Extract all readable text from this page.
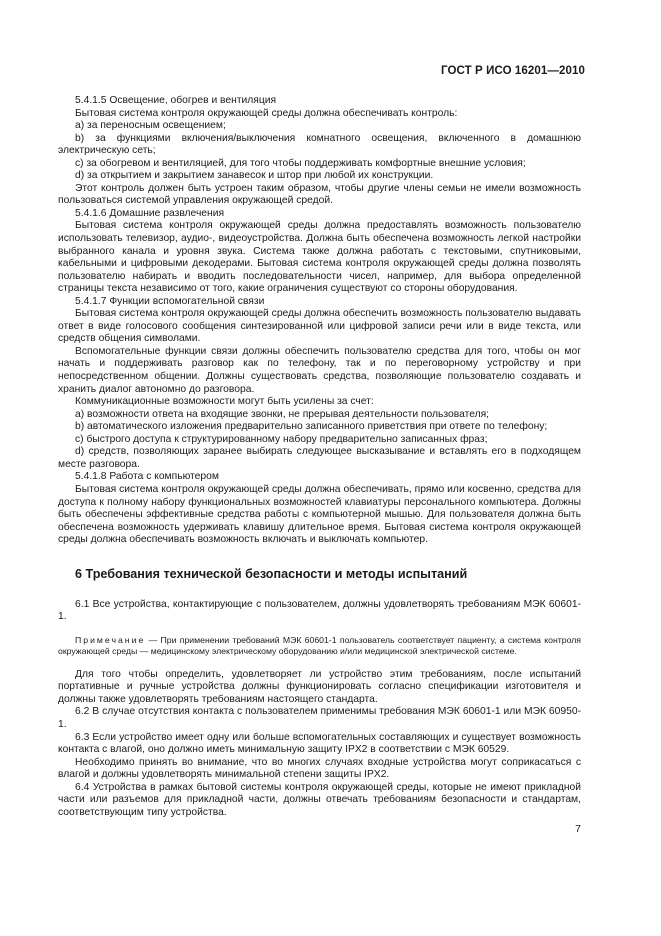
ГОСТ Р ИСО 16201—2010

5.4.1.5 Освещение, обогрев и вентиляция

Бытовая система контроля окружающей среды должна обеспечивать контроль:

a) за переносным освещением;

b) за функциями включения/выключения комнатного освещения, включенного в домашнюю электрическую сеть;

c) за обогревом и вентиляцией, для того чтобы поддерживать комфортные внешние условия;

d) за открытием и закрытием занавесок и штор при любой их конструкции.

Этот контроль должен быть устроен таким образом, чтобы другие члены семьи не имели возможность пользоваться системой управления окружающей средой.

5.4.1.6 Домашние развлечения

Бытовая система контроля окружающей среды должна предоставлять возможность пользователю использовать телевизор, аудио-, видеоустройства. Должна быть обеспечена возможность легкой настройки выбранного канала и уровня звука. Система также должна работать с текстовыми, спутниковыми, кабельными и цифровыми декодерами. Бытовая система контроля окружающей среды должна позволять пользователю набирать и вводить последовательности чисел, например, для выбора определенной страницы текста независимо от того, какие ограничения существуют со стороны оборудования.

5.4.1.7 Функции вспомогательной связи

Бытовая система контроля окружающей среды должна обеспечить возможность пользователю выдавать ответ в виде голосового сообщения синтезированной или цифровой записи речи или в виде текста, или средств общения символами.

Вспомогательные функции связи должны обеспечить пользователю средства для того, чтобы он мог начать и поддерживать разговор как по телефону, так и по переговорному устройству и при непосредственном общении. Должны существовать средства, позволяющие пользователю создавать и хранить диалог автономно до разговора.

Коммуникационные возможности могут быть усилены за счет:

a) возможности ответа на входящие звонки, не прерывая деятельности пользователя;

b) автоматического изложения предварительно записанного приветствия при ответе по телефону;

c) быстрого доступа к структурированному набору предварительно записанных фраз;

d) средств, позволяющих заранее выбирать следующее высказывание и вставлять его в подходящем месте разговора.

5.4.1.8 Работа с компьютером

Бытовая система контроля окружающей среды должна обеспечивать, прямо или косвенно, средства для доступа к полному набору функциональных возможностей клавиатуры персонального компьютера. Должны быть обеспечены эффективные средства работы с компьютерной мышью. Для пользователя должна быть обеспечена возможность удерживать клавишу длительное время. Бытовая система контроля окружающей среды должна обеспечивать возможность включать и выключать компьютер.

6 Требования технической безопасности и методы испытаний

6.1 Все устройства, контактирующие с пользователем, должны удовлетворять требованиям МЭК 60601-1.

Примечание — При применении требований МЭК 60601-1 пользователь соответствует пациенту, а система контроля окружающей среды — медицинскому электрическому оборудованию и/или медицинской электрической системе.

Для того чтобы определить, удовлетворяет ли устройство этим требованиям, после испытаний портативные и ручные устройства должны функционировать согласно спецификации изготовителя и должны также удовлетворять требованиям настоящего стандарта.

6.2 В случае отсутствия контакта с пользователем применимы требования МЭК 60601-1 или МЭК 60950-1.

6.3 Если устройство имеет одну или больше вспомогательных составляющих и существует возможность контакта с влагой, оно должно иметь минимальную защиту IPX2 в соответствии с МЭК 60529.

Необходимо принять во внимание, что во многих случаях входные устройства могут соприкасаться с влагой и должны удовлетворять минимальной степени защиты IPX2.

6.4 Устройства в рамках бытовой системы контроля окружающей среды, которые не имеют прикладной части или разъемов для прикладной части, должны отвечать требованиям безопасности и стандартам, соответствующим типу устройства.

7
